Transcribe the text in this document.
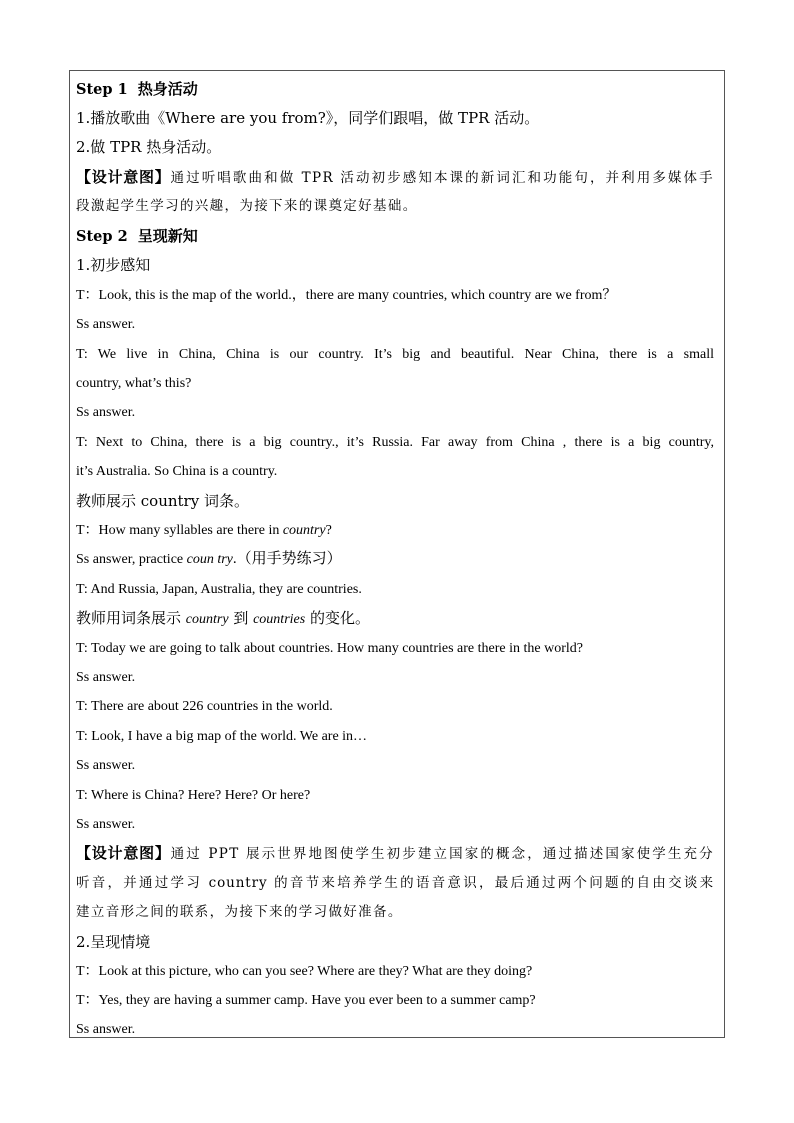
Step 1 热身活动
1.播放歌曲《Where are you from?》，同学们跟唱，做 TPR 活动。
2.做 TPR 热身活动。
【设计意图】通过听唱歌曲和做 TPR 活动初步感知本课的新词汇和功能句，并利用多媒体手
段激起学生学习的兴趣，为接下来的课奠定好基础。
Step 2 呈现新知
1.初步感知
T：Look, this is the map of the world.，there are many countries, which country are we from？
Ss answer.
T: We live in China, China is our country. It’s big and beautiful. Near China, there is a small
country, what’s this?
Ss answer.
T: Next to China, there is a big country., it’s Russia. Far away from China , there is a big country,
it’s Australia. So China is a country.
教师展示 country 词条。
T：How many syllables are there in country?
Ss answer, practice coun try.（用手势练习）
T: And Russia, Japan, Australia, they are countries.
教师用词条展示 country 到 countries 的变化。
T: Today we are going to talk about countries. How many countries are there in the world?
Ss answer.
T: There are about 226 countries in the world.
T: Look, I have a big map of the world. We are in…
Ss answer.
T: Where is China? Here? Here? Or here?
Ss answer.
【设计意图】通过 PPT 展示世界地图使学生初步建立国家的概念，通过描述国家使学生充分
听音，并通过学习 country 的音节来培养学生的语音意识，最后通过两个问题的自由交谈来
建立音形之间的联系，为接下来的学习做好准备。
2.呈现情境
T：Look at this picture, who can you see? Where are they? What are they doing?
T：Yes, they are having a summer camp. Have you ever been to a summer camp?
Ss answer.
